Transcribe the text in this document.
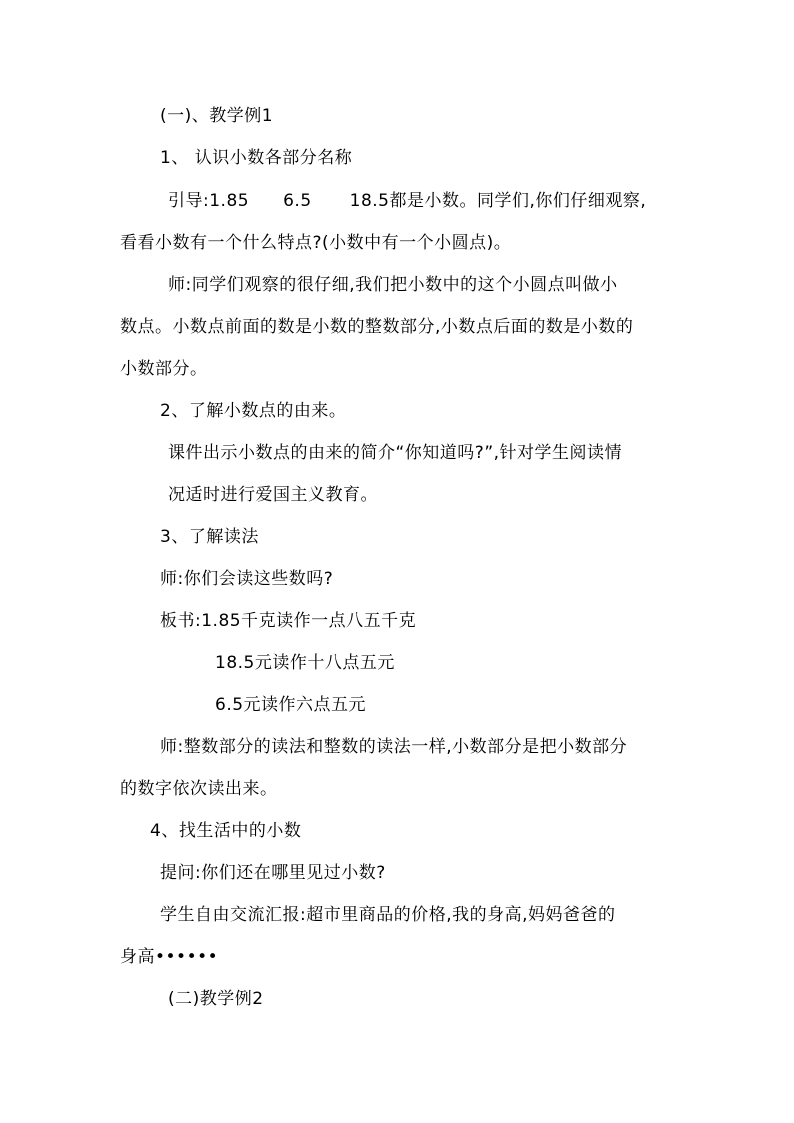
(一)、教学例1
1、 认识小数各部分名称
引导:1.85 6.5 18.5都是小数。同学们,你们仔细观察,
看看小数有一个什么特点?(小数中有一个小圆点)。
师:同学们观察的很仔细,我们把小数中的这个小圆点叫做小
数点。小数点前面的数是小数的整数部分,小数点后面的数是小数的
小数部分。
2、了解小数点的由来。
课件出示小数点的由来的简介“你知道吗?”,针对学生阅读情
况适时进行爱国主义教育。
3、了解读法
师:你们会读这些数吗?
板书:1.85千克读作一点八五千克
18.5元读作十八点五元
6.5元读作六点五元
师:整数部分的读法和整数的读法一样,小数部分是把小数部分
的数字依次读出来。
4、找生活中的小数
提问:你们还在哪里见过小数?
学生自由交流汇报:超市里商品的价格,我的身高,妈妈爸爸的
身高••••••
(二)教学例2
